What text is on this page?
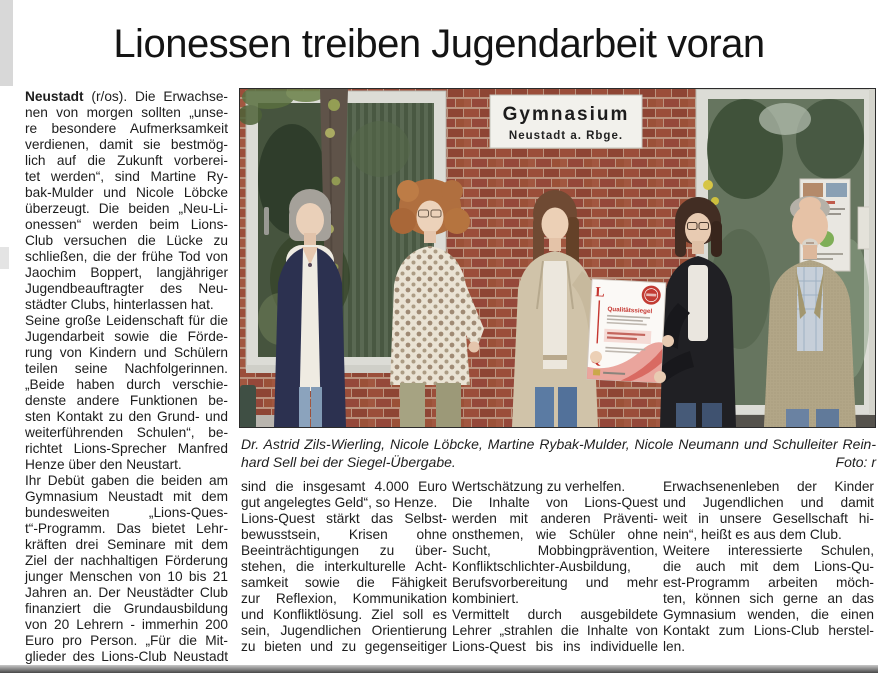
Lionessen treiben Jugendarbeit voran
Neustadt (r/os). Die Erwachse-
nen von morgen sollten „unse-
re besondere Aufmerksamkeit
verdienen, damit sie bestmög-
lich auf die Zukunft vorberei-
tet werden“, sind Martine Ry-
bak-Mulder und Nicole Löbcke
überzeugt. Die beiden „Neu-Li-
onessen“ werden beim Lions-
Club versuchen die Lücke zu
schließen, die der frühe Tod von
Jaochim Boppert, langjähriger
Jugendbeauftragter des Neu-
städter Clubs, hinterlassen hat.
Seine große Leidenschaft für die
Jugendarbeit sowie die Förde-
rung von Kindern und Schülern
teilen seine Nachfolgerinnen.
„Beide haben durch verschie-
denste andere Funktionen be-
sten Kontakt zu den Grund- und
weiterführenden Schulen“, be-
richtet Lions-Sprecher Manfred
Henze über den Neustart.
Ihr Debüt gaben die beiden am
Gymnasium Neustadt mit dem
bundesweiten „Lions-Ques-
t“-Programm. Das bietet Lehr-
kräften drei Seminare mit dem
Ziel der nachhaltigen Förderung
junger Menschen von 10 bis 21
Jahren an. Der Neustädter Club
finanziert die Grundausbildung
von 20 Lehrern - immerhin 200
Euro pro Person. „Für die Mit-
glieder des Lions-Club Neustadt
Gymnasium
Neustadt a. Rbge.
L
Qualitätssiegel
Dr. Astrid Zils-Wierling, Nicole Löbcke, Martine Rybak-Mulder, Nicole Neumann und Schulleiter Rein-
hard Sell bei der Siegel-Übergabe.	Foto: r
sind die insgesamt 4.000 Euro
gut angelegtes Geld“, so Henze.
Lions-Quest stärkt das Selbst-
bewusstsein, Krisen ohne
Beeinträchtigungen zu über-
stehen, die interkulturelle Acht-
samkeit sowie die Fähigkeit
zur Reflexion, Kommunikation
und Konfliktlösung. Ziel soll es
sein, Jugendlichen Orientierung
zu bieten und zu gegenseitiger
Wertschätzung zu verhelfen.
Die Inhalte von Lions-Quest
werden mit anderen Präventi-
onsthemen, wie Schüler ohne
Sucht, Mobbingprävention,
Konfliktschlichter-Ausbildung,
Berufsvorbereitung und mehr
kombiniert.
Vermittelt durch ausgebildete
Lehrer „strahlen die Inhalte von
Lions-Quest bis ins individuelle
Erwachsenenleben der Kinder
und Jugendlichen und damit
weit in unsere Gesellschaft hi-
nein“, heißt es aus dem Club.
Weitere interessierte Schulen,
die auch mit dem Lions-Qu-
est-Programm arbeiten möch-
ten, können sich gerne an das
Gymnasium wenden, die einen
Kontakt zum Lions-Club herstel-
len.
